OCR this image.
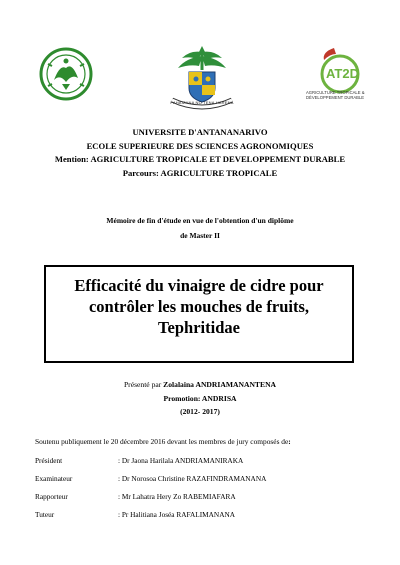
FAHAIZANA NO TENA HARENA
AT2D
AGRICULTURE TROPICALE &
DÉVELOPPEMENT DURABLE
UNIVERSITE D'ANTANANARIVO
ECOLE SUPERIEURE DES SCIENCES AGRONOMIQUES
Mention: AGRICULTURE TROPICALE ET DEVELOPPEMENT DURABLE
Parcours: AGRICULTURE TROPICALE
Mémoire de fin d'étude en vue de l'obtention d'un diplôme
de Master II
Efficacité du vinaigre de cidre pour
contrôler les mouches de fruits,
Tephritidae
Présenté par Zolalaina ANDRIAMANANTENA
Promotion: ANDRISA
(2012- 2017)
Soutenu publiquement le 20 décembre 2016 devant les membres de jury composés de:
Président	: Dr Jaona Harilala ANDRIAMANIRAKA
Examinateur	: Dr Norosoa Christine RAZAFINDRAMANANA
Rapporteur	: Mr Lahatra Hery Zo RABEMIAFARA
Tuteur	: Pr Halitiana Joséa RAFALIMANANA
